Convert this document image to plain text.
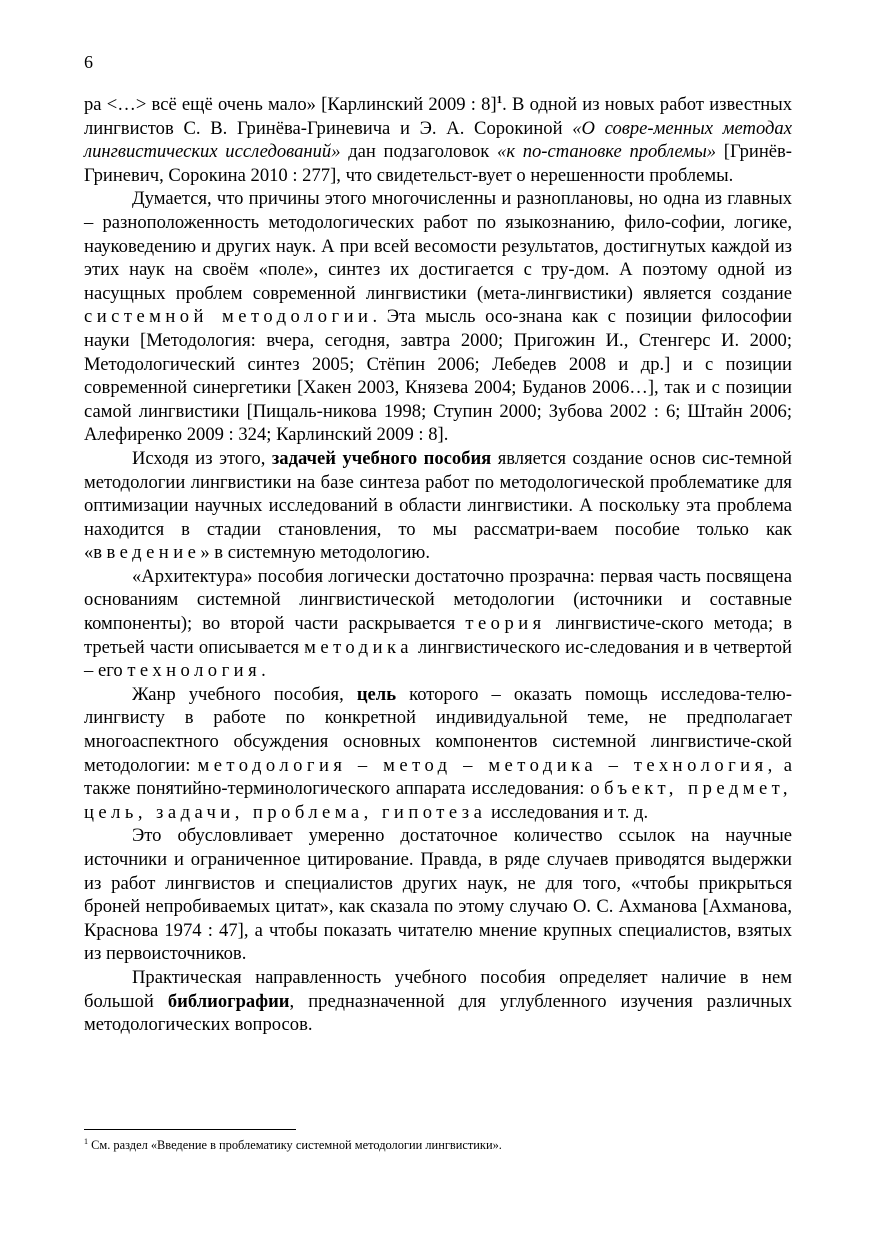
6

ра <…> всё ещё очень мало» [Карлинский 2009 : 8]$^1$. В одной из новых работ известных лингвистов С. В. Гринёва-Гриневича и Э. А. Сорокиной «О совре-менных методах лингвистических исследований» дан подзаголовок «к по-становке проблемы» [Гринёв-Гриневич, Сорокина 2010 : 277], что свидетельст-вует о нерешенности проблемы.

Думается, что причины этого многочисленны и разноплановы, но одна из главных – разноположенность методологических работ по языкознанию, фило-софии, логике, науковедению и других наук. А при всей весомости результатов, достигнутых каждой из этих наук на своём «поле», синтез их достигается с тру-дом. А поэтому одной из насущных проблем современной лингвистики (мета-лингвистики) является создание системной методологии. Эта мысль осо-знана как с позиции философии науки [Методология: вчера, сегодня, завтра 2000; Пригожин И., Стенгерс И. 2000; Методологический синтез 2005; Стёпин 2006; Лебедев 2008 и др.] и с позиции современной синергетики [Хакен 2003, Князева 2004; Буданов 2006…], так и с позиции самой лингвистики [Пищаль-никова 1998; Ступин 2000; Зубова 2002 : 6; Штайн 2006; Алефиренко 2009 : 324; Карлинский 2009 : 8].

Исходя из этого, задачей учебного пособия является создание основ сис-темной методологии лингвистики на базе синтеза работ по методологической проблематике для оптимизации научных исследований в области лингвистики. А поскольку эта проблема находится в стадии становления, то мы рассматри-ваем пособие только как «введение» в системную методологию.

«Архитектура» пособия логически достаточно прозрачна: первая часть посвящена основаниям системной лингвистической методологии (источники и составные компоненты); во второй части раскрывается теория лингвистиче-ского метода; в третьей части описывается методика лингвистического ис-следования и в четвертой – его технология.

Жанр учебного пособия, цель которого – оказать помощь исследова-телю-лингвисту в работе по конкретной индивидуальной теме, не предполагает многоаспектного обсуждения основных компонентов системной лингвистиче-ской методологии: методология – метод – методика – технология, а также понятийно-терминологического аппарата исследования: объект, предмет, цель, задачи, проблема, гипотеза исследования и т. д.

Это обусловливает умеренно достаточное количество ссылок на научные источники и ограниченное цитирование. Правда, в ряде случаев приводятся выдержки из работ лингвистов и специалистов других наук, не для того, «чтобы прикрыться броней непробиваемых цитат», как сказала по этому случаю О. С. Ахманова [Ахманова, Краснова 1974 : 47], а чтобы показать читателю мнение крупных специалистов, взятых из первоисточников.

Практическая направленность учебного пособия определяет наличие в нем большой библиографии, предназначенной для углубленного изучения различных методологических вопросов.

$^1$ См. раздел «Введение в проблематику системной методологии лингвистики».
